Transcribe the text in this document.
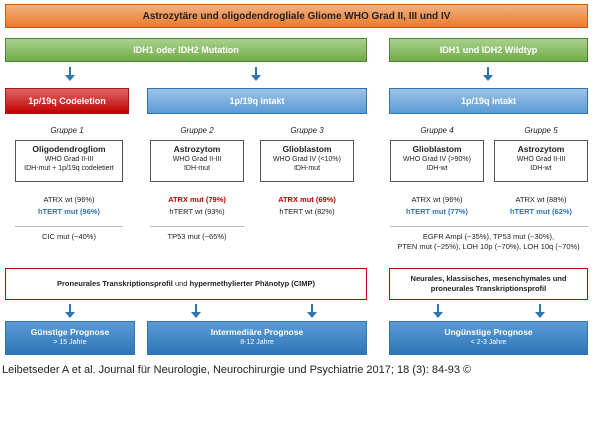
Astrozytäre und oligodendrogliale Gliome WHO Grad II, III und IV
IDH1 oder IDH2 Mutation	IDH1 und IDH2 Wildtyp
1p/19q Codeletion	1p/19q intakt	1p/19q intakt
Gruppe 1	Gruppe 2	Gruppe 3	Gruppe 4	Gruppe 5
Oligodendrogliom
WHO Grad II-III
IDH-mut + 1p/19q codeletiert
Astrozytom
WHO Grad II-III
IDH-mut
Glioblastom
WHO Grad IV (<10%)
IDH-mut
Glioblastom
WHO Grad IV (>90%)
IDH-wt
Astrozytom
WHO Grad II-III
IDH-wt
ATRX wt (96%)
hTERT mut (96%)
ATRX mut (79%)
hTERT wt (93%)
ATRX mut (69%)
hTERT wt (82%)
ATRX wt (96%)
hTERT mut (77%)
ATRX wt (88%)
hTERT mut (62%)
CIC mut (~40%)	TP53 mut (~65%)	EGFR Ampl (~35%), TP53 mut (~30%),
PTEN mut (~25%), LOH 10p (~70%), LOH 10q (~70%)
Proneurales Transkriptionsprofil und hypermethylierter Phänotyp (CIMP)
Neurales, klassisches, mesenchymales und
proneurales Transkriptionsprofil
Günstige Prognose
> 15 Jahre
Intermediäre Prognose
8-12 Jahre
Ungünstige Prognose
< 2-3 Jahre
Leibetseder A et al. Journal für Neurologie, Neurochirurgie und Psychiatrie 2017; 18 (3): 84-93 ©
